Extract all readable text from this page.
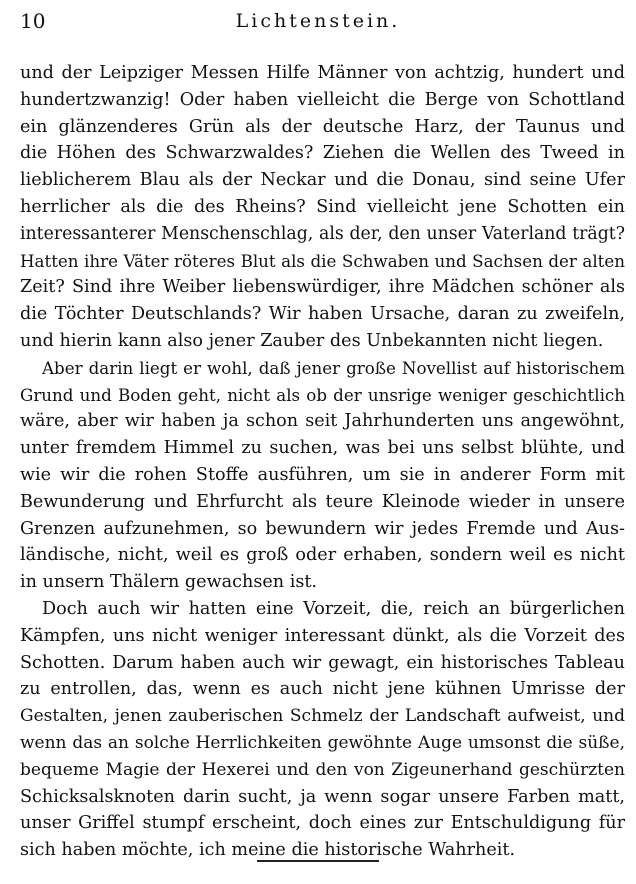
10	Lichtenstein.
und der Leipziger Messen Hilfe Männer von achtzig, hundert und
hundertzwanzig! Oder haben vielleicht die Berge von Schottland
ein glänzenderes Grün als der deutsche Harz, der Taunus und
die Höhen des Schwarzwaldes? Ziehen die Wellen des Tweed in
lieblicherem Blau als der Neckar und die Donau, sind seine Ufer
herrlicher als die des Rheins? Sind vielleicht jene Schotten ein
interessanterer Menschenschlag, als der, den unser Vaterland trägt?
Hatten ihre Väter röteres Blut als die Schwaben und Sachsen der alten
Zeit? Sind ihre Weiber liebenswürdiger, ihre Mädchen schöner als
die Töchter Deutschlands? Wir haben Ursache, daran zu zweifeln,
und hierin kann also jener Zauber des Unbekannten nicht liegen.
Aber darin liegt er wohl, daß jener große Novellist auf historischem
Grund und Boden geht, nicht als ob der unsrige weniger geschichtlich
wäre, aber wir haben ja schon seit Jahrhunderten uns angewöhnt,
unter fremdem Himmel zu suchen, was bei uns selbst blühte, und
wie wir die rohen Stoffe ausführen, um sie in anderer Form mit
Bewunderung und Ehrfurcht als teure Kleinode wieder in unsere
Grenzen aufzunehmen, so bewundern wir jedes Fremde und Aus-
ländische, nicht, weil es groß oder erhaben, sondern weil es nicht
in unsern Thälern gewachsen ist.
Doch auch wir hatten eine Vorzeit, die, reich an bürgerlichen
Kämpfen, uns nicht weniger interessant dünkt, als die Vorzeit des
Schotten. Darum haben auch wir gewagt, ein historisches Tableau
zu entrollen, das, wenn es auch nicht jene kühnen Umrisse der
Gestalten, jenen zauberischen Schmelz der Landschaft aufweist, und
wenn das an solche Herrlichkeiten gewöhnte Auge umsonst die süße,
bequeme Magie der Hexerei und den von Zigeunerhand geschürzten
Schicksalsknoten darin sucht, ja wenn sogar unsere Farben matt,
unser Griffel stumpf erscheint, doch eines zur Entschuldigung für
sich haben möchte, ich meine die historische Wahrheit.
